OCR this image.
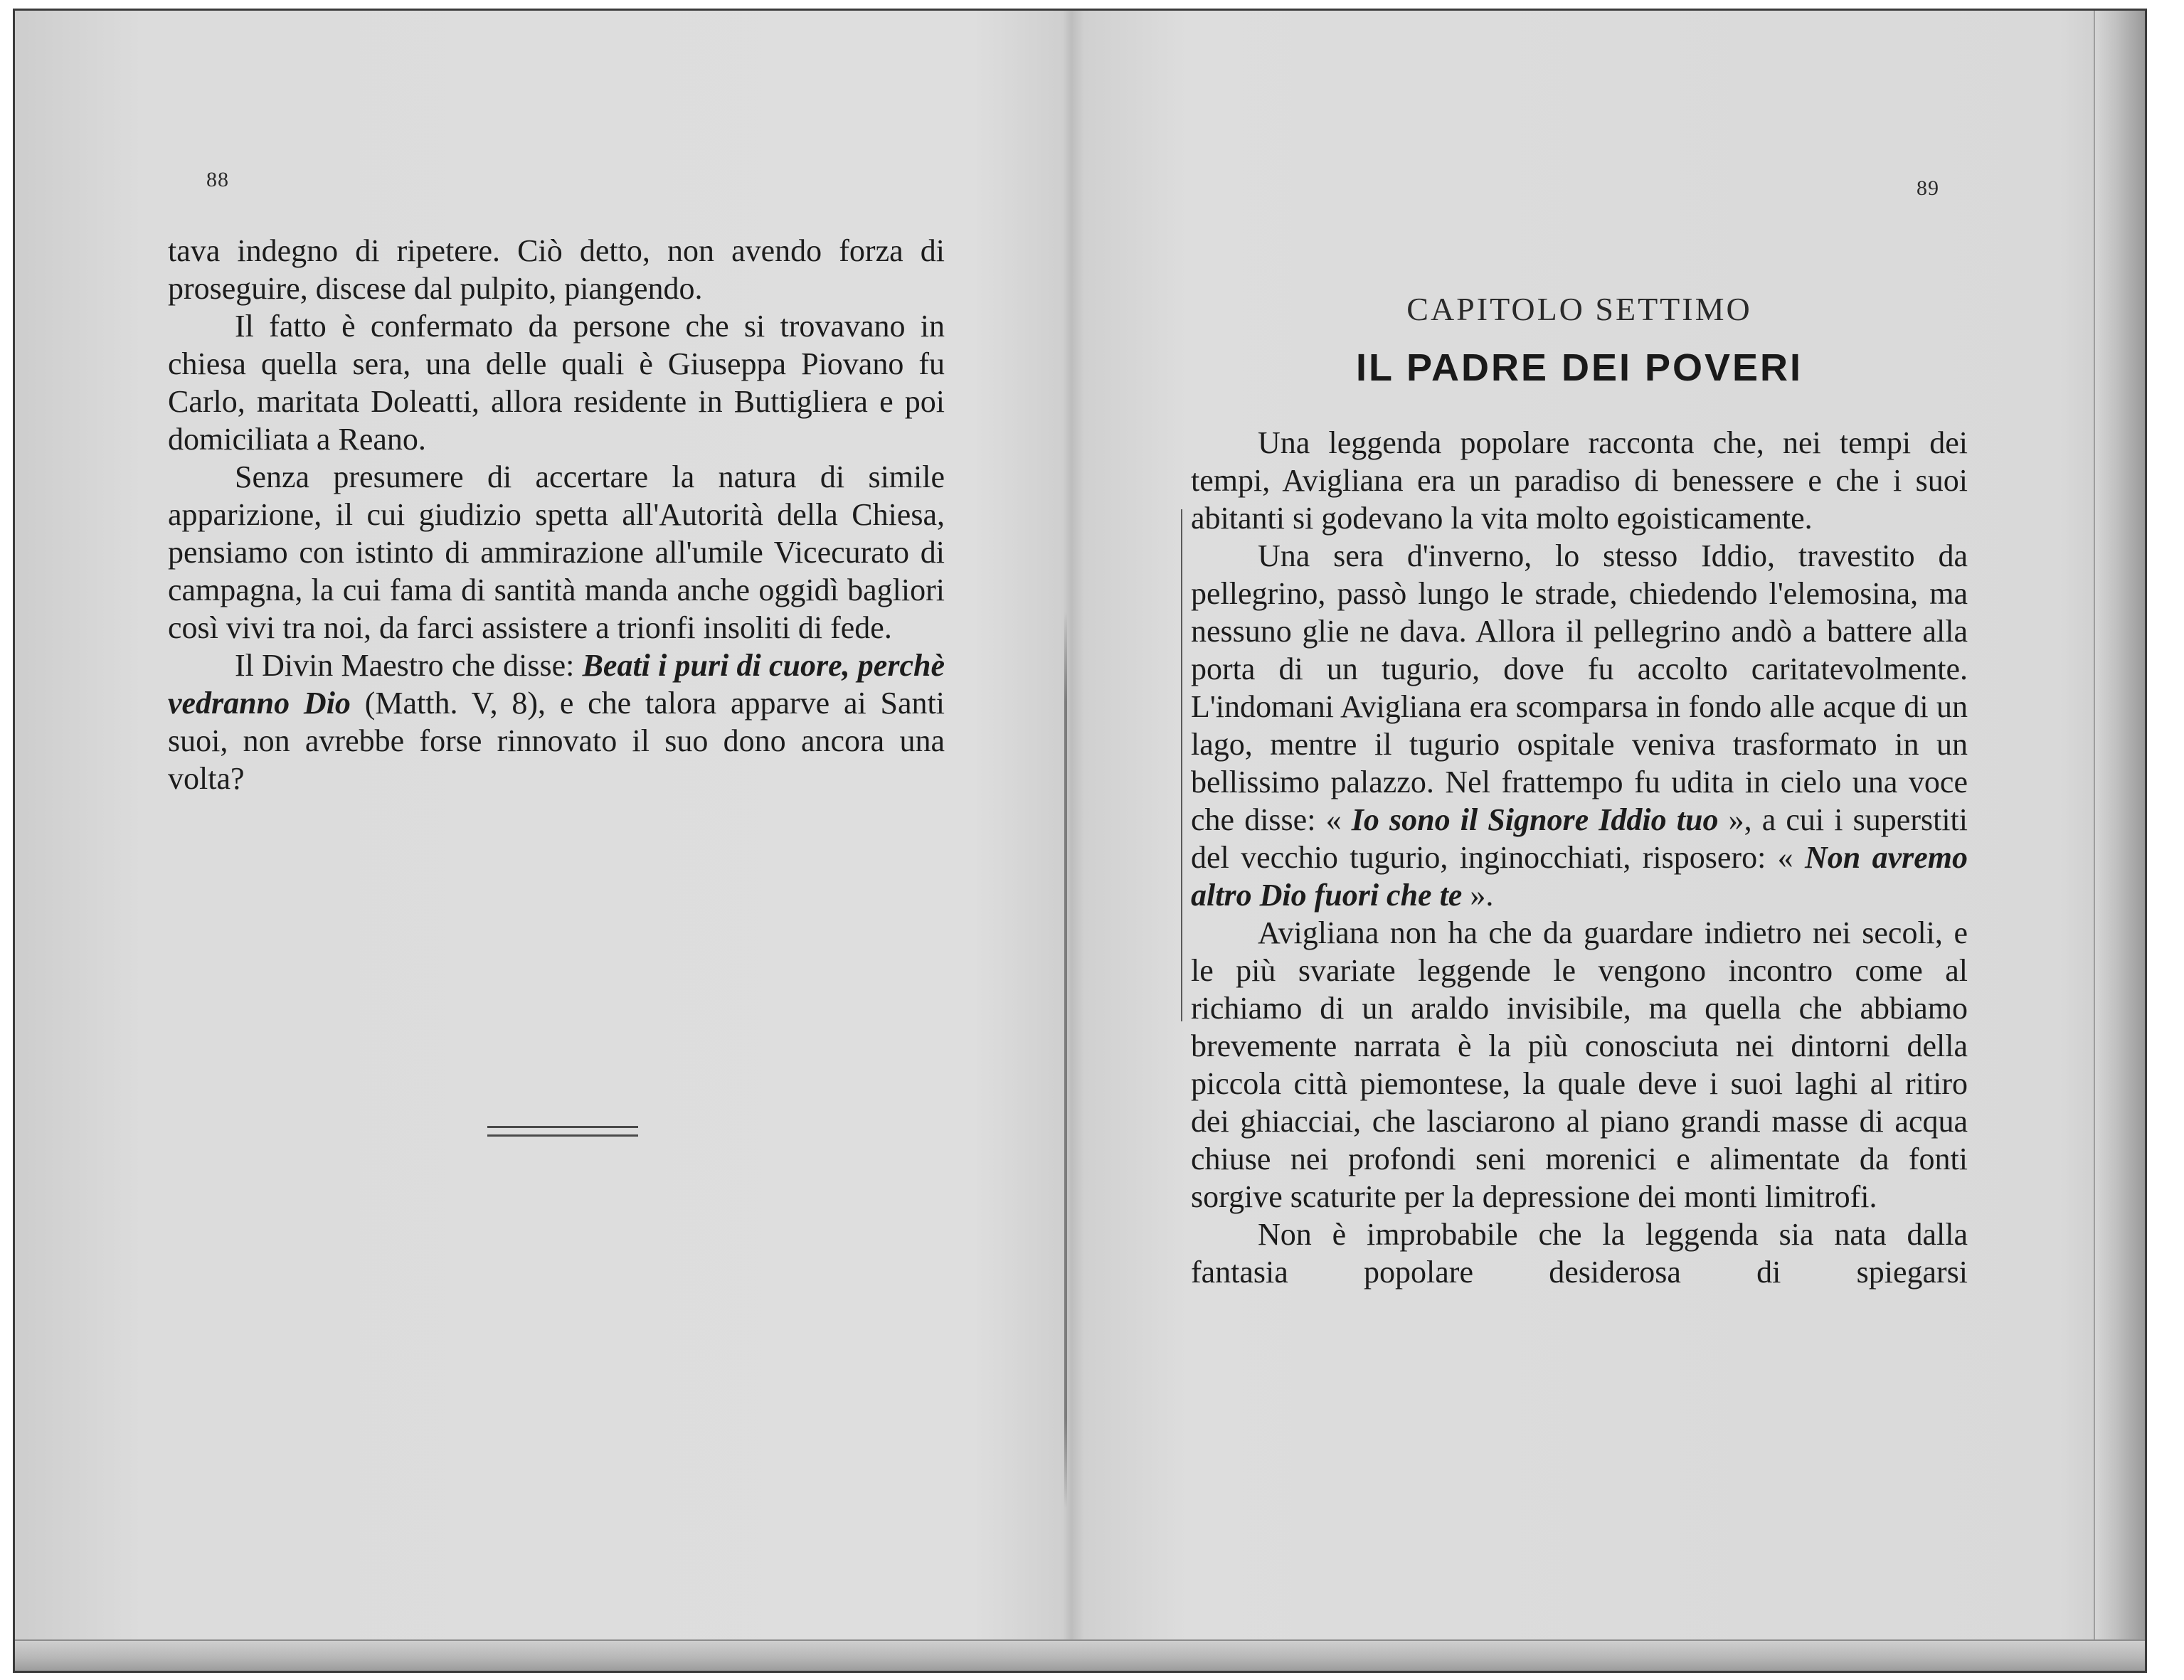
88

tava indegno di ripetere. Ciò detto, non avendo forza di proseguire, discese dal pulpito, piangendo.

Il fatto è confermato da persone che si trovavano in chiesa quella sera, una delle quali è Giuseppa Piovano fu Carlo, maritata Doleatti, allora residente in Buttigliera e poi domiciliata a Reano.

Senza presumere di accertare la natura di simile apparizione, il cui giudizio spetta all'Autorità della Chiesa, pensiamo con istinto di ammirazione all'umile Vicecurato di campagna, la cui fama di santità manda anche oggidì bagliori così vivi tra noi, da farci assistere a trionfi insoliti di fede.

Il Divin Maestro che disse: Beati i puri di cuore, perchè vedranno Dio (Matth. V, 8), e che talora apparve ai Santi suoi, non avrebbe forse rinnovato il suo dono ancora una volta?

89
CAPITOLO SETTIMO
IL PADRE DEI POVERI

Una leggenda popolare racconta che, nei tempi dei tempi, Avigliana era un paradiso di benessere e che i suoi abitanti si godevano la vita molto egoisticamente.

Una sera d'inverno, lo stesso Iddio, travestito da pellegrino, passò lungo le strade, chiedendo l'elemosina, ma nessuno glie ne dava. Allora il pellegrino andò a battere alla porta di un tugurio, dove fu accolto caritatevolmente. L'indomani Avigliana era scomparsa in fondo alle acque di un lago, mentre il tugurio ospitale veniva trasformato in un bellissimo palazzo. Nel frattempo fu udita in cielo una voce che disse: « Io sono il Signore Iddio tuo », a cui i superstiti del vecchio tugurio, inginocchiati, risposero: « Non avremo altro Dio fuori che te ».

Avigliana non ha che da guardare indietro nei secoli, e le più svariate leggende le vengono incontro come al richiamo di un araldo invisibile, ma quella che abbiamo brevemente narrata è la più conosciuta nei dintorni della piccola città piemontese, la quale deve i suoi laghi al ritiro dei ghiacciai, che lasciarono al piano grandi masse di acqua chiuse nei profondi seni morenici e alimentate da fonti sorgive scaturite per la depressione dei monti limitrofi.

Non è improbabile che la leggenda sia nata dalla fantasia popolare desiderosa di spiegarsi
